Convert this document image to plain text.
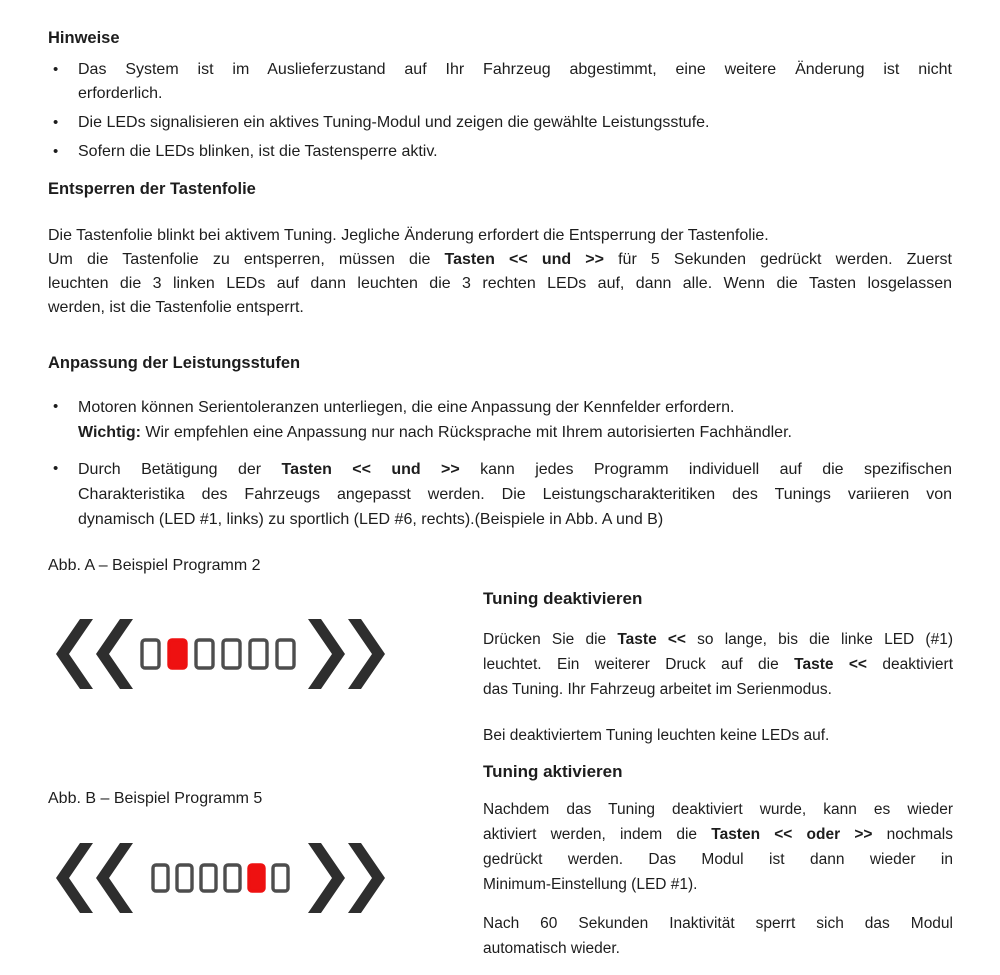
Hinweise
•	Das System ist im Auslieferzustand auf Ihr Fahrzeug abgestimmt, eine weitere Änderung ist nicht
erforderlich.
•	Die LEDs signalisieren ein aktives Tuning-Modul und zeigen die gewählte Leistungsstufe.
•	Sofern die LEDs blinken, ist die Tastensperre aktiv.
Entsperren der Tastenfolie
Die Tastenfolie blinkt bei aktivem Tuning. Jegliche Änderung erfordert die Entsperrung der Tastenfolie.
Um die Tastenfolie zu entsperren, müssen die Tasten << und >> für 5 Sekunden gedrückt werden. Zuerst
leuchten die 3 linken LEDs auf dann leuchten die 3 rechten LEDs auf, dann alle. Wenn die Tasten losgelassen
werden, ist die Tastenfolie entsperrt.
Anpassung der Leistungsstufen
•	Motoren können Serientoleranzen unterliegen, die eine Anpassung der Kennfelder erfordern.
Wichtig: Wir empfehlen eine Anpassung nur nach Rücksprache mit Ihrem autorisierten Fachhändler.
•	Durch Betätigung der Tasten << und >> kann jedes Programm individuell auf die spezifischen
Charakteristika des Fahrzeugs angepasst werden. Die Leistungscharakteritiken des Tunings variieren von
dynamisch (LED #1, links) zu sportlich (LED #6, rechts).(Beispiele in Abb. A und B)
Abb. A – Beispiel Programm 2
Abb. B – Beispiel Programm 5
Tuning deaktivieren
Drücken Sie die Taste << so lange, bis die linke LED (#1)
leuchtet. Ein weiterer Druck auf die Taste << deaktiviert
das Tuning. Ihr Fahrzeug arbeitet im Serienmodus.
Bei deaktiviertem Tuning leuchten keine LEDs auf.
Tuning aktivieren
Nachdem das Tuning deaktiviert wurde, kann es wieder
aktiviert werden, indem die Tasten << oder >> nochmals
gedrückt werden. Das Modul ist dann wieder in
Minimum-Einstellung (LED #1).
Nach 60 Sekunden Inaktivität sperrt sich das Modul
automatisch wieder.
